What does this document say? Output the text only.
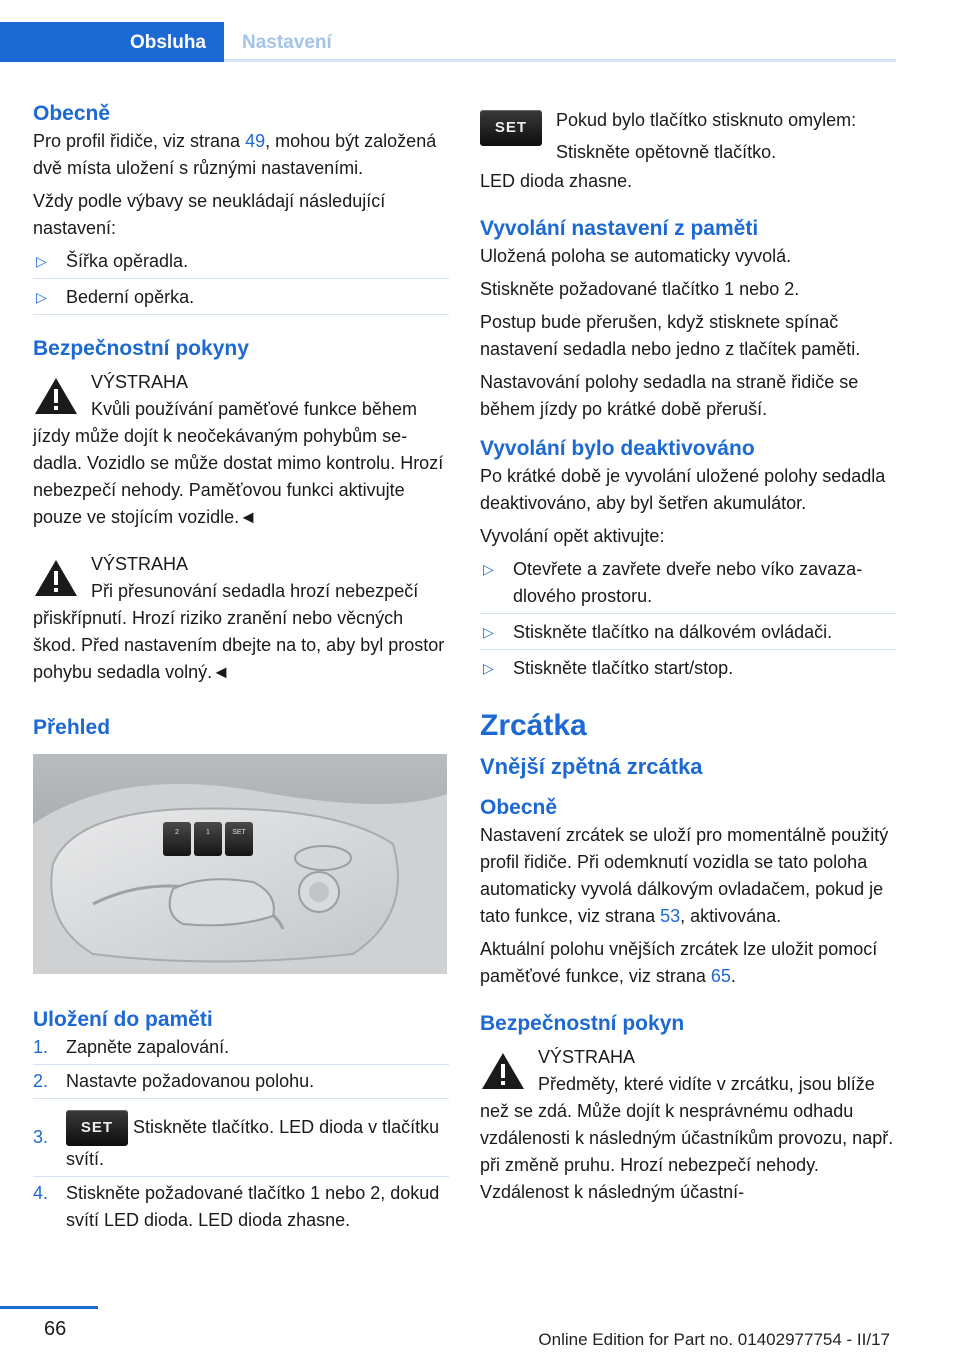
Obsluha	Nastavení
Obecně

Pro profil řidiče, viz strana 49, mohou být založená dvě místa uložení s různými nastaveními.

Vždy podle výbavy se neukládají následující nastavení:

▷ Šířka opěradla.
▷ Bederní opěrka.
Bezpečnostní pokyny

VÝSTRAHA

Kvůli používání paměťové funkce během jízdy může dojít k neočekávaným pohybům sedadla. Vozidlo se může dostat mimo kontrolu. Hrozí nebezpečí nehody. Paměťovou funkci aktivujte pouze ve stojícím vozidle.◄

VÝSTRAHA

Při přesunování sedadla hrozí nebezpečí přiskřípnutí. Hrozí riziko zranění nebo věcných škod. Před nastavením dbejte na to, aby byl prostor pohybu sedadla volný.◄

Přehled
2	1	SET
Uložení do paměti
1. Zapněte zapalování.
2. Nastavte požadovanou polohu.
3. SET Stiskněte tlačítko. LED dioda v tlačítku svítí.
4. Stiskněte požadované tlačítko 1 nebo 2, dokud svítí LED dioda. LED dioda zhasne.
SET	Pokud bylo tlačítko stisknuto omylem: Stiskněte opětovně tlačítko.

LED dioda zhasne.

Vyvolání nastavení z paměti

Uložená poloha se automaticky vyvolá.

Stiskněte požadované tlačítko 1 nebo 2.

Postup bude přerušen, když stisknete spínač nastavení sedadla nebo jedno z tlačítek paměti.

Nastavování polohy sedadla na straně řidiče se během jízdy po krátké době přeruší.

Vyvolání bylo deaktivováno

Po krátké době je vyvolání uložené polohy sedadla deaktivováno, aby byl šetřen akumulátor.

Vyvolání opět aktivujte:

▷ Otevřete a zavřete dveře nebo víko zavazadlového prostoru.
▷ Stiskněte tlačítko na dálkovém ovládači.
▷ Stiskněte tlačítko start/stop.
Zrcátka
Vnější zpětná zrcátka
Obecně

Nastavení zrcátek se uloží pro momentálně použitý profil řidiče. Při odemknutí vozidla se tato poloha automaticky vyvolá dálkovým ovladačem, pokud je tato funkce, viz strana 53, aktivována.

Aktuální polohu vnějších zrcátek lze uložit pomocí paměťové funkce, viz strana 65.

Bezpečnostní pokyn

VÝSTRAHA

Předměty, které vidíte v zrcátku, jsou blíže než se zdá. Může dojít k nesprávnému odhadu vzdálenosti k následným účastníkům provozu, např. při změně pruhu. Hrozí nebezpečí nehody. Vzdálenost k následným účastní‐

66	Online Edition for Part no. 01402977754 - II/17
